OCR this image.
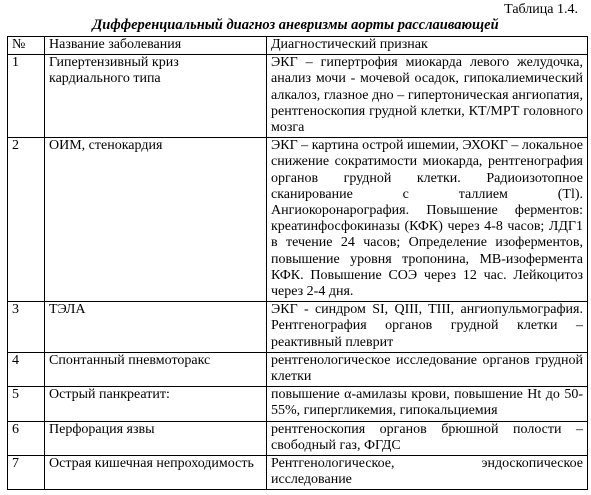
Таблица 1.4.
Дифференциальный диагноз аневризмы аорты расслаивающей
№	Название заболевания	Диагностический признак
1	Гипертензивный криз кардиального типа	ЭКГ – гипертрофия миокарда левого желудочка, анализ мочи - мочевой осадок, гипокалиемический алкалоз, глазное дно – гипертоническая ангиопатия, рентгеноскопия грудной клетки, КТ/МРТ головного мозга
2	ОИМ, стенокардия	ЭКГ – картина острой ишемии, ЭХОКГ – локальное снижение сократимости миокарда, рентгенография органов грудной клетки. Радиоизотопное сканирование с таллием (Tl). Ангиокоронарография. Повышение ферментов: креатинфосфокиназы (КФК) через 4-8 часов; ЛДГ1 в течение 24 часов; Определение изоферментов, повышение уровня тропонина, МВ-изофермента КФК. Повышение СОЭ через 12 час. Лейкоцитоз через 2-4 дня.
3	ТЭЛА	ЭКГ - синдром SI, QIII, TIII, ангиопульмография. Рентгенография органов грудной клетки – реактивный плеврит
4	Спонтанный пневмоторакс	рентгенологическое исследование органов грудной клетки
5	Острый панкреатит:	повышение α-амилазы крови, повышение Ht до 50-55%, гипергликемия, гипокальциемия
6	Перфорация язвы	рентгеноскопия органов брюшной полости – свободный газ, ФГДС
7	Острая кишечная непроходимость	Рентгенологическое, эндоскопическое исследование
